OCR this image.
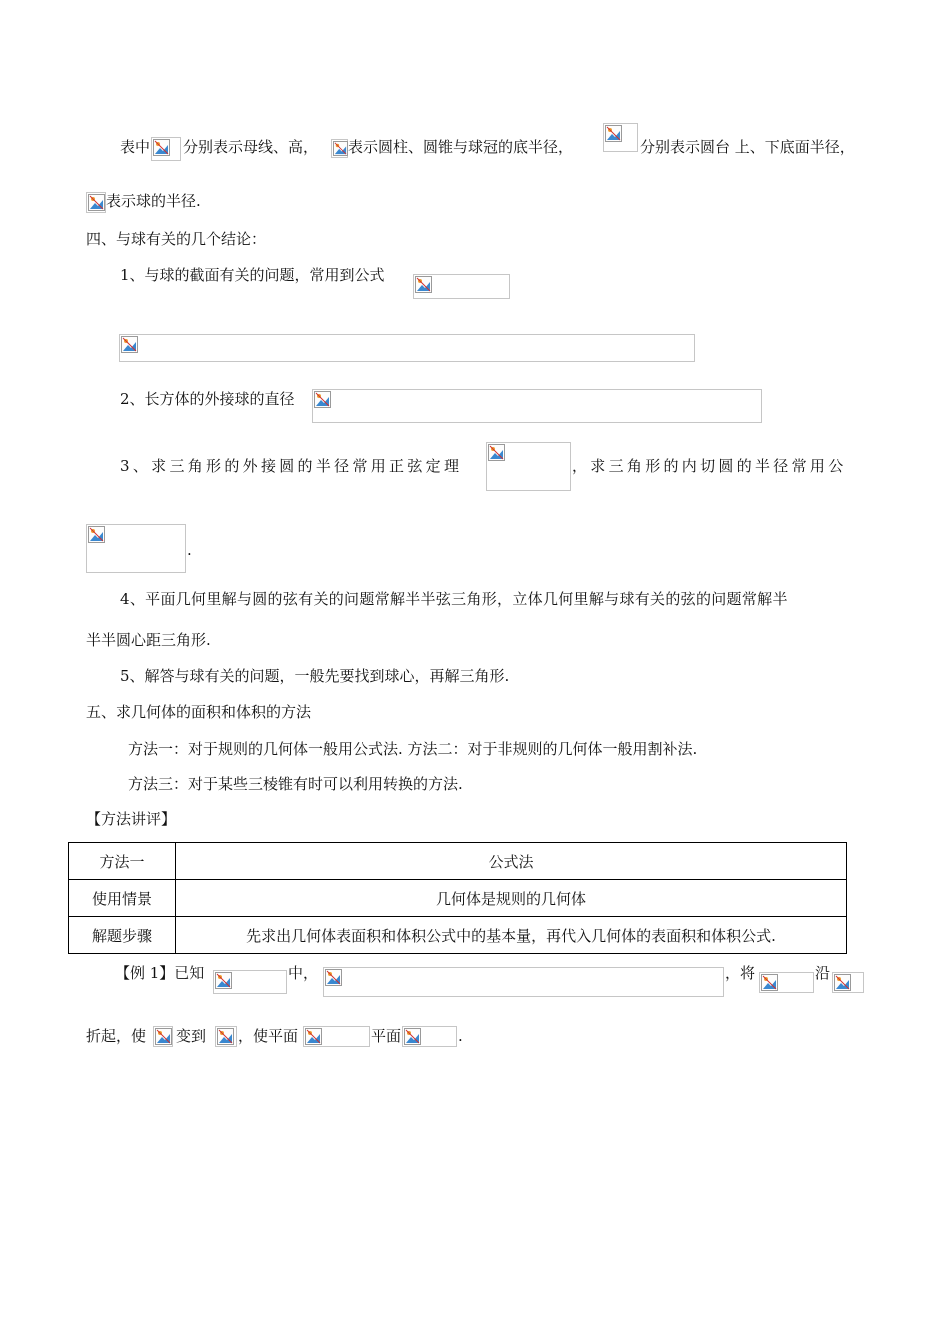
表中 分别表示母线、高， 表示圆柱、圆锥与球冠的底半径，	分别表示圆台 上、下底面半径，
表示球的半径.
四、与球有关的几个结论：
1、与球的截面有关的问题，常用到公式
2、长方体的外接球的直径
3、求三角形的外接圆的半径常用正弦定理	，求三角形的内切圆的半径常用公
.
4、平面几何里解与圆的弦有关的问题常解半半弦三角形，立体几何里解与球有关的弦的问题常解半
半半圆心距三角形.
5、解答与球有关的问题，一般先要找到球心，再解三角形.
五、求几何体的面积和体积的方法
方法一：对于规则的几何体一般用公式法. 方法二：对于非规则的几何体一般用割补法.
方法三：对于某些三棱锥有时可以利用转换的方法.
【方法讲评】
方法一	公式法
使用情景	几何体是规则的几何体
解题步骤	先求出几何体表面积和体积公式中的基本量，再代入几何体的表面积和体积公式.
【例 1】已知	中，	，将	沿
折起，使 变到 ，使平面	平面	.
